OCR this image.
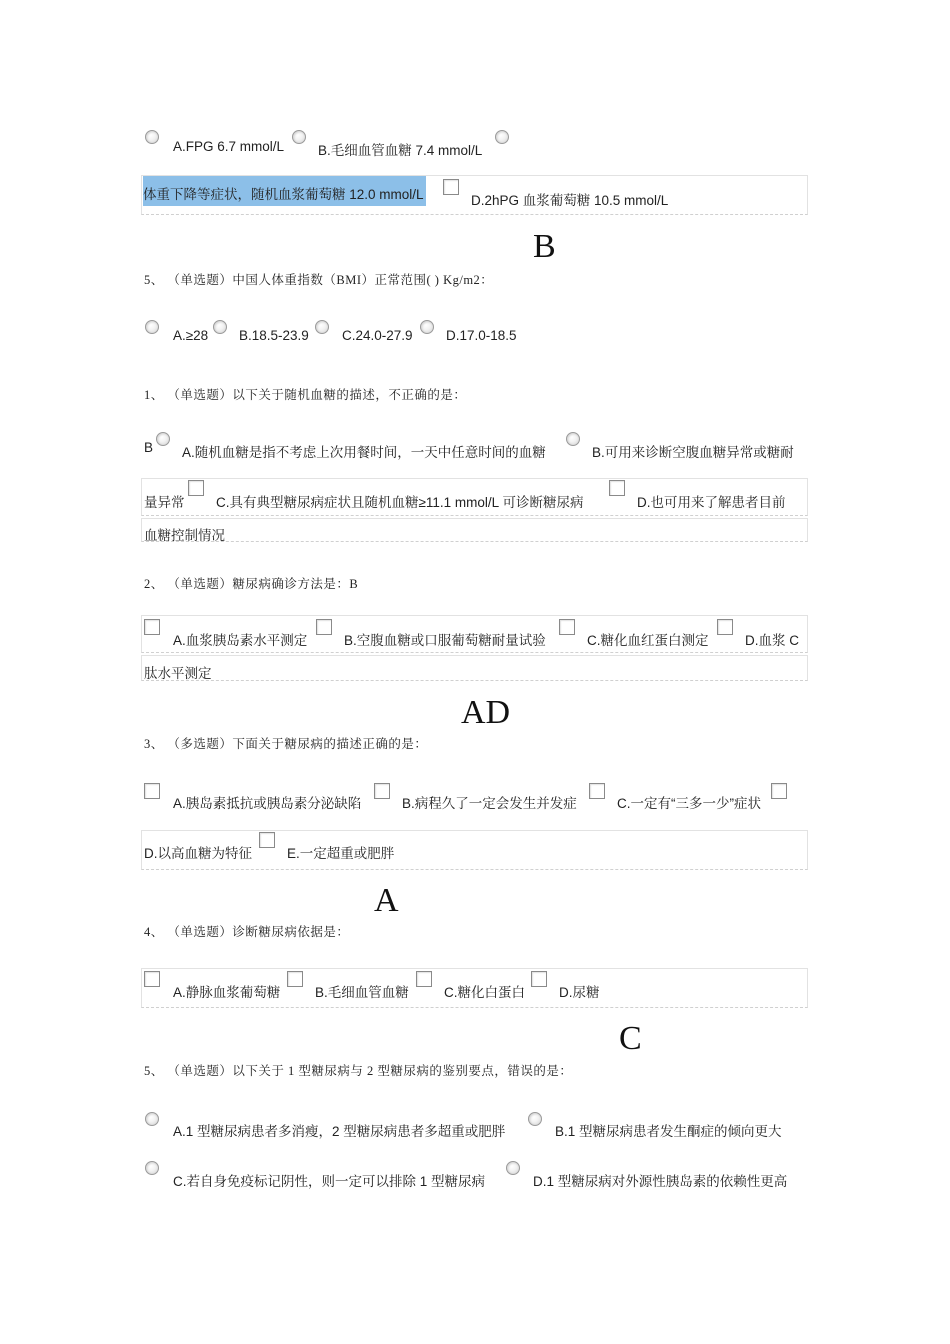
A.FPG 6.7 mmol/L	B.毛细血管血糖 7.4 mmol/L
体重下降等症状，随机血浆葡萄糖 12.0 mmol/L	D.2hPG 血浆葡萄糖 10.5 mmol/L
B
5、 （单选题）中国人体重指数（BMI）正常范围( ) Kg/m2：
A.≥28 B.18.5-23.9 C.24.0-27.9 D.17.0-18.5
1、 （单选题）以下关于随机血糖的描述，不正确的是：
B A.随机血糖是指不考虑上次用餐时间，一天中任意时间的血糖	B.可用来诊断空腹血糖异常或糖耐
量异常 C.具有典型糖尿病症状且随机血糖≥11.1 mmol/L 可诊断糖尿病	D.也可用来了解患者目前
血糖控制情况
2、 （单选题）糖尿病确诊方法是：B
A.血浆胰岛素水平测定	B.空腹血糖或口服葡萄糖耐量试验	C.糖化血红蛋白测定	D.血浆 C
肽水平测定
AD
3、 （多选题）下面关于糖尿病的描述正确的是：
A.胰岛素抵抗或胰岛素分泌缺陷	B.病程久了一定会发生并发症	C.一定有“三多一少”症状
D.以高血糖为特征	E.一定超重或肥胖
A
4、 （单选题）诊断糖尿病依据是：
A.静脉血浆葡萄糖	B.毛细血管血糖	C.糖化白蛋白	D.尿糖
C
5、 （单选题）以下关于 1 型糖尿病与 2 型糖尿病的鉴别要点，错误的是：
A.1 型糖尿病患者多消瘦，2 型糖尿病患者多超重或肥胖	B.1 型糖尿病患者发生酮症的倾向更大
C.若自身免疫标记阴性，则一定可以排除 1 型糖尿病	D.1 型糖尿病对外源性胰岛素的依赖性更高
